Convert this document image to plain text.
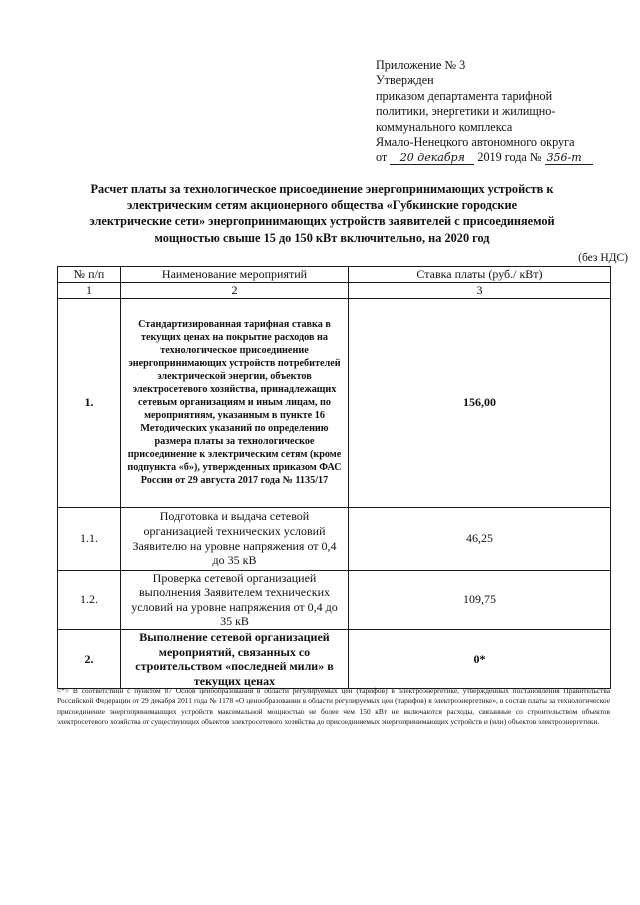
Приложение № 3
Утвержден
приказом департамента тарифной
политики, энергетики и жилищно-
коммунального комплекса
Ямало-Ненецкого автономного округа
от 20 декабря 2019 года № 356-т
Расчет платы за технологическое присоединение энергопринимающих устройств к электрическим сетям акционерного общества «Губкинские городские электрические сети» энергопринимающих устройств заявителей с присоединяемой мощностью свыше 15 до 150 кВт включительно, на 2020 год
(без НДС)
№ п/п	Наименование мероприятий	Ставка платы (руб./ кВт)
1	2	3
1.	Стандартизированная тарифная ставка в текущих ценах на покрытие расходов на технологическое присоединение энергопринимающих устройств потребителей электрической энергии, объектов электросетевого хозяйства, принадлежащих сетевым организациям и иным лицам, по мероприятиям, указанным в пункте 16 Методических указаний по определению размера платы за технологическое присоединение к электрическим сетям (кроме подпункта «б»), утвержденных приказом ФАС России от 29 августа 2017 года № 1135/17	156,00
1.1.	Подготовка и выдача сетевой организацией технических условий Заявителю на уровне напряжения от 0,4 до 35 кВ	46,25
1.2.	Проверка сетевой организацией выполнения Заявителем технических условий на уровне напряжения от 0,4 до 35 кВ	109,75
2.	Выполнение сетевой организацией мероприятий, связанных со строительством «последней мили» в текущих ценах	0*
<*> В соответствии с пунктом 87 Основ ценообразования в области регулируемых цен (тарифов) в электроэнергетике, утвержденных постановления Правительства Российской Федерации от 29 декабря 2011 года № 1178 «О ценообразовании в области регулируемых цен (тарифов) в электроэнергетике», в состав платы за технологическое присоединение энергопринимающих устройств максимальной мощностью не более чем 150 кВт не включаются расходы, связанные со строительством объектов электросетевого хозяйства от существующих объектов электросетевого хозяйства до присоединяемых энергопринимающих устройств и (или) объектов электроэнергетики.
